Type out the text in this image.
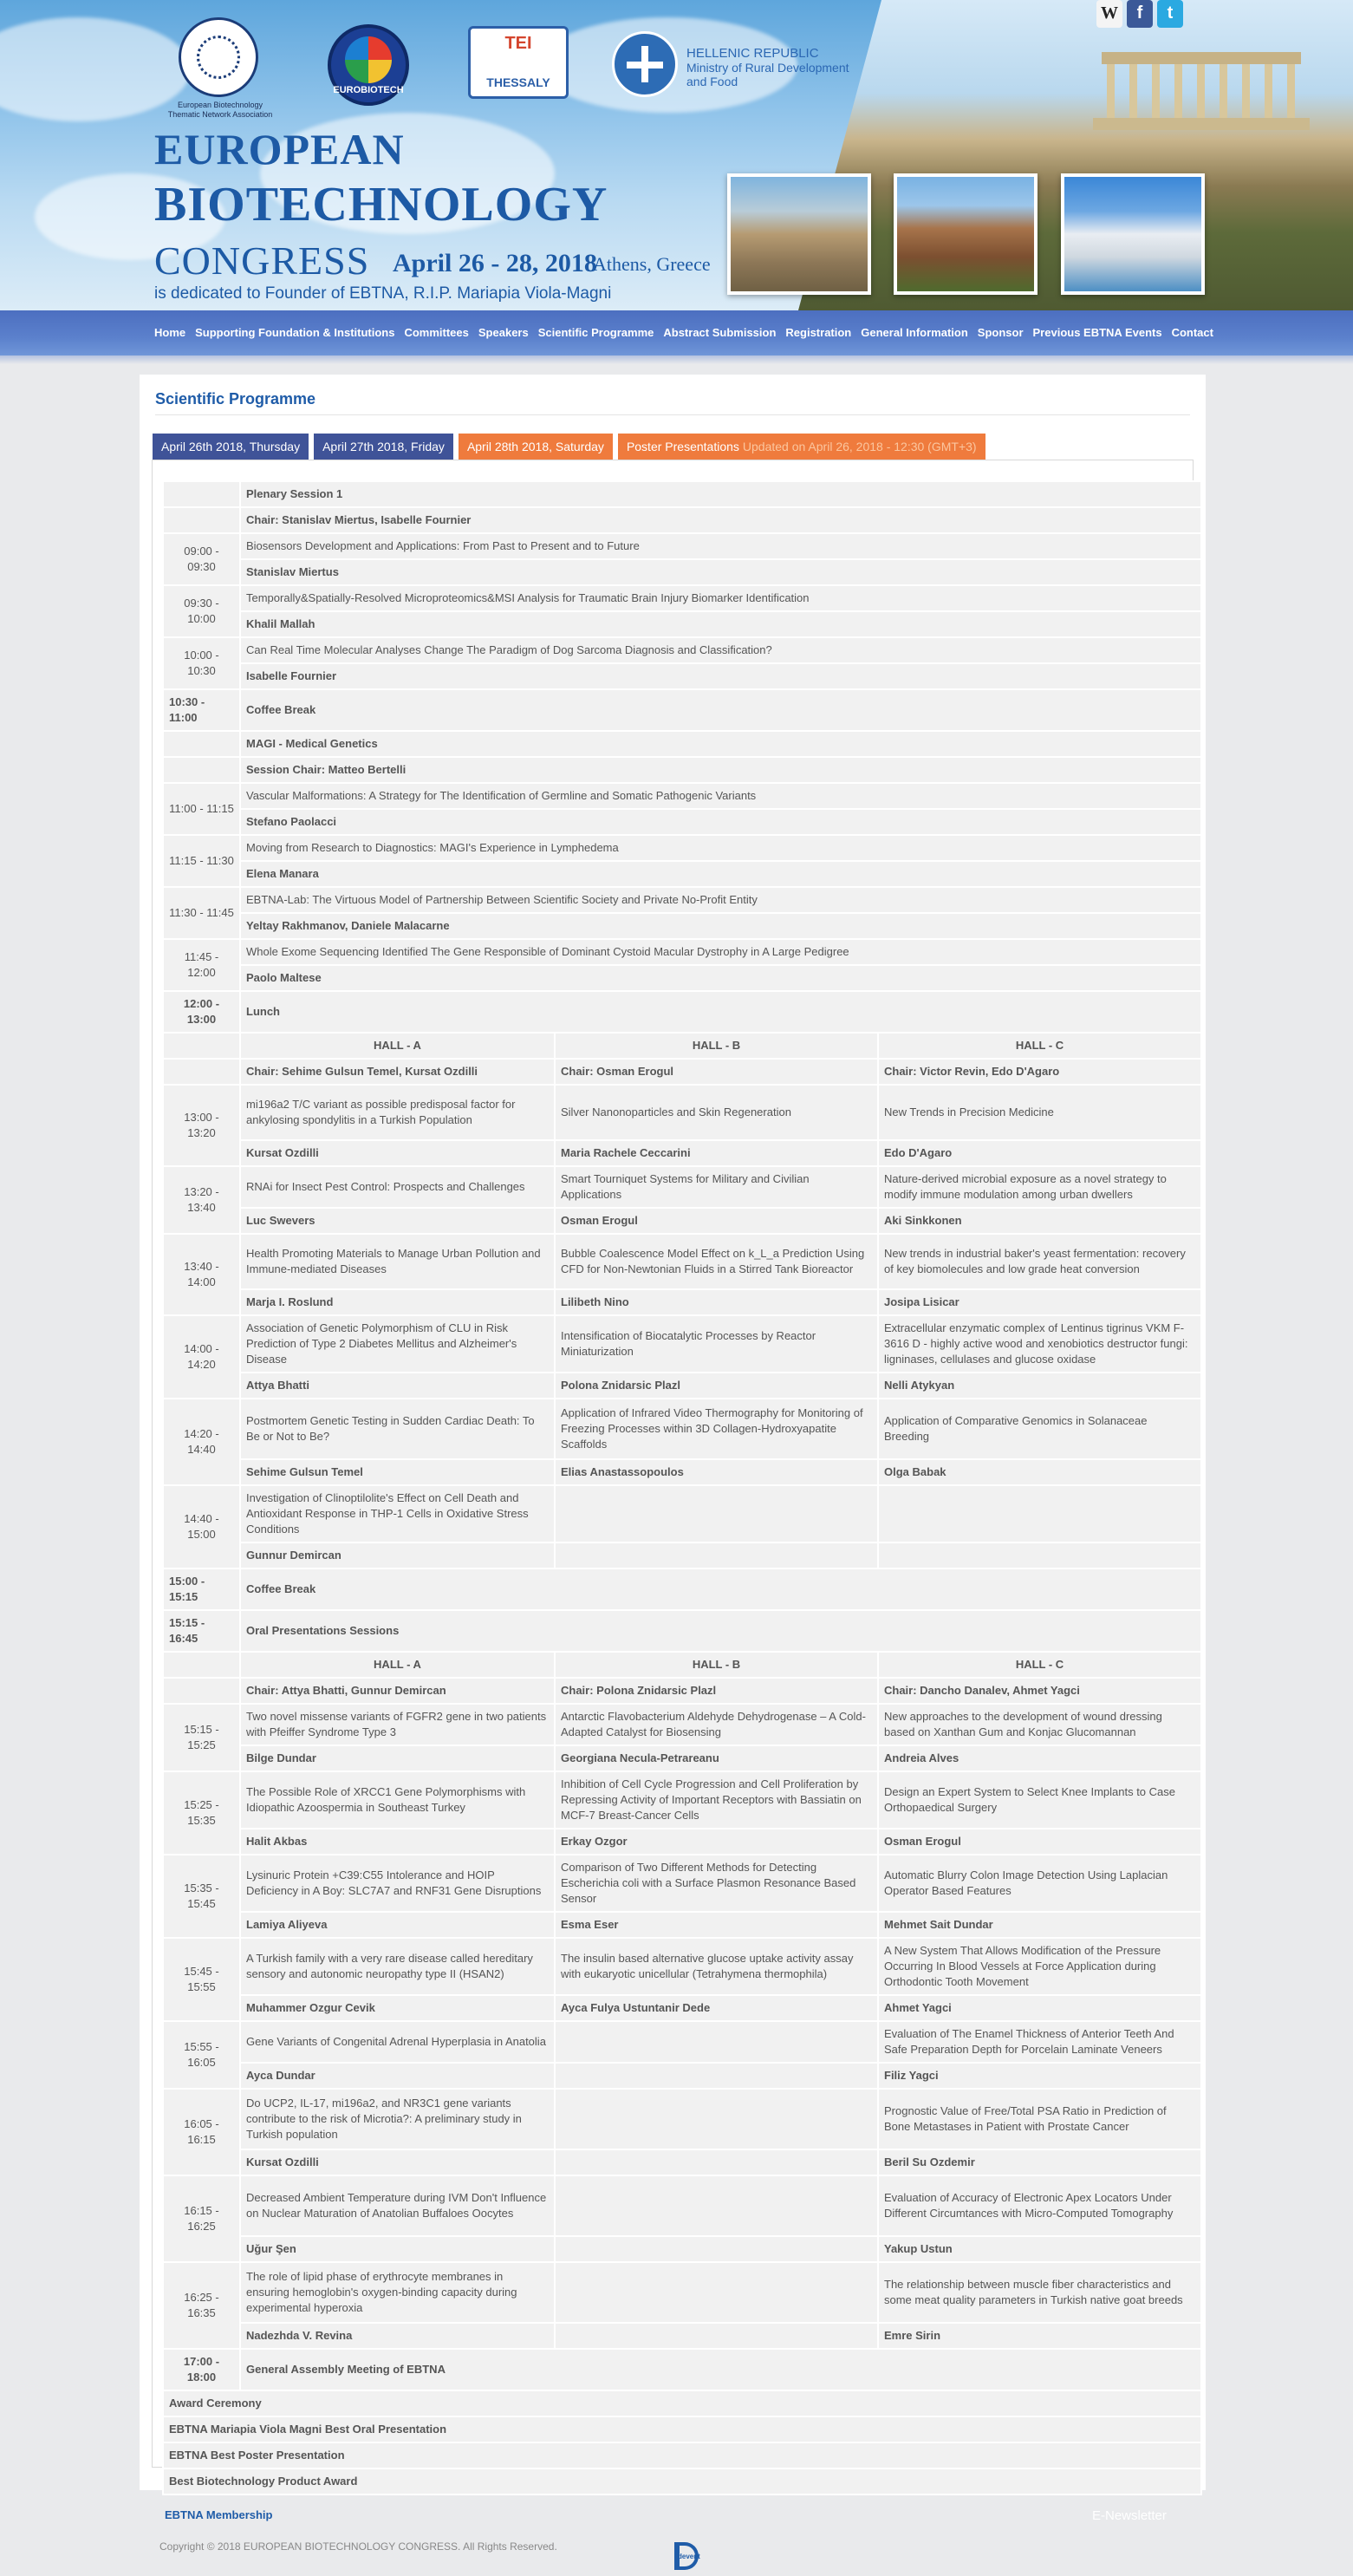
European Biotechnology Thematic Network Association
EUROBIOTECH
TEI
THESSALY
HELLENIC REPUBLIC
Ministry of Rural Development
and Food
W	f	t
EUROPEAN
BIOTECHNOLOGY
CONGRESS April 26 - 28, 2018
Athens, Greece
is dedicated to Founder of EBTNA, R.I.P. Mariapia Viola-Magni
Home Supporting Foundation & Institutions Committees Speakers Scientific Programme Abstract Submission Registration General Information Sponsor Previous EBTNA Events Contact
Scientific Programme
April 26th 2018, Thursday	April 27th 2018, Friday	April 28th 2018, Saturday	Poster Presentations Updated on April 26, 2018 - 12:30 (GMT+3)
	Plenary Session 1		
	Chair: Stanislav Miertus, Isabelle Fournier		
09:00 - 09:30	Biosensors Development and Applications: From Past to Present and to Future		
	Stanislav Miertus		
09:30 - 10:00	Temporally&Spatially-Resolved Microproteomics&MSI Analysis for Traumatic Brain Injury Biomarker Identification		
	Khalil Mallah		
10:00 - 10:30	Can Real Time Molecular Analyses Change The Paradigm of Dog Sarcoma Diagnosis and Classification?		
	Isabelle Fournier		
10:30 - 11:00	Coffee Break		
	MAGI - Medical Genetics		
	Session Chair: Matteo Bertelli		
11:00 - 11:15	Vascular Malformations: A Strategy for The Identification of Germline and Somatic Pathogenic Variants		
	Stefano Paolacci		
11:15 - 11:30	Moving from Research to Diagnostics: MAGI's Experience in Lymphedema		
	Elena Manara		
11:30 - 11:45	EBTNA-Lab: The Virtuous Model of Partnership Between Scientific Society and Private No-Profit Entity		
	Yeltay Rakhmanov, Daniele Malacarne		
11:45 - 12:00	Whole Exome Sequencing Identified The Gene Responsible of Dominant Cystoid Macular Dystrophy in A Large Pedigree		
	Paolo Maltese		
12:00 - 13:00	Lunch		
	HALL - A	HALL - B	HALL - C
	Chair: Sehime Gulsun Temel, Kursat Ozdilli	Chair: Osman Erogul	Chair: Victor Revin, Edo D'Agaro
13:00 - 13:20	mi196a2 T/C variant as possible predisposal factor for ankylosing spondylitis in a Turkish Population	Silver Nanonoparticles and Skin Regeneration	New Trends in Precision Medicine
	Kursat Ozdilli	Maria Rachele Ceccarini	Edo D'Agaro
13:20 - 13:40	RNAi for Insect Pest Control: Prospects and Challenges	Smart Tourniquet Systems for Military and Civilian Applications	Nature-derived microbial exposure as a novel strategy to modify immune modulation among urban dwellers
	Luc Swevers	Osman Erogul	Aki Sinkkonen
13:40 - 14:00	Health Promoting Materials to Manage Urban Pollution and Immune-mediated Diseases	Bubble Coalescence Model Effect on k_L_a Prediction Using CFD for Non-Newtonian Fluids in a Stirred Tank Bioreactor	New trends in industrial baker's yeast fermentation: recovery of key biomolecules and low grade heat conversion
	Marja I. Roslund	Lilibeth Nino	Josipa Lisicar
14:00 - 14:20	Association of Genetic Polymorphism of CLU in Risk Prediction of Type 2 Diabetes Mellitus and Alzheimer's Disease	Intensification of Biocatalytic Processes by Reactor Miniaturization	Extracellular enzymatic complex of Lentinus tigrinus VKM F-3616 D - highly active wood and xenobiotics destructor fungi: ligninases, cellulases and glucose oxidase
	Attya Bhatti	Polona Znidarsic Plazl	Nelli Atykyan
14:20 - 14:40	Postmortem Genetic Testing in Sudden Cardiac Death: To Be or Not to Be?	Application of Infrared Video Thermography for Monitoring of Freezing Processes within 3D Collagen-Hydroxyapatite Scaffolds	Application of Comparative Genomics in Solanaceae Breeding
	Sehime Gulsun Temel	Elias Anastassopoulos	Olga Babak
14:40 - 15:00	Investigation of Clinoptilolite's Effect on Cell Death and Antioxidant Response in THP-1 Cells in Oxidative Stress Conditions		
	Gunnur Demircan		
15:00 - 15:15	Coffee Break		
15:15 - 16:45	Oral Presentations Sessions		
	HALL - A	HALL - B	HALL - C
	Chair: Attya Bhatti, Gunnur Demircan	Chair: Polona Znidarsic Plazl	Chair: Dancho Danalev, Ahmet Yagci
15:15 - 15:25	Two novel missense variants of FGFR2 gene in two patients with Pfeiffer Syndrome Type 3	Antarctic Flavobacterium Aldehyde Dehydrogenase – A Cold-Adapted Catalyst for Biosensing	New approaches to the development of wound dressing based on Xanthan Gum and Konjac Glucomannan
	Bilge Dundar	Georgiana Necula-Petrareanu	Andreia Alves
15:25 - 15:35	The Possible Role of XRCC1 Gene Polymorphisms with Idiopathic Azoospermia in Southeast Turkey	Inhibition of Cell Cycle Progression and Cell Proliferation by Repressing Activity of Important Receptors with Bassiatin on MCF-7 Breast-Cancer Cells	Design an Expert System to Select Knee Implants to Case Orthopaedical Surgery
	Halit Akbas	Erkay Ozgor	Osman Erogul
15:35 - 15:45	Lysinuric Protein +C39:C55 Intolerance and HOIP Deficiency in A Boy: SLC7A7 and RNF31 Gene Disruptions	Comparison of Two Different Methods for Detecting Escherichia coli with a Surface Plasmon Resonance Based Sensor	Automatic Blurry Colon Image Detection Using Laplacian Operator Based Features
	Lamiya Aliyeva	Esma Eser	Mehmet Sait Dundar
15:45 - 15:55	A Turkish family with a very rare disease called hereditary sensory and autonomic neuropathy type II (HSAN2)	The insulin based alternative glucose uptake activity assay with eukaryotic unicellular (Tetrahymena thermophila)	A New System That Allows Modification of the Pressure Occurring In Blood Vessels at Force Application during Orthodontic Tooth Movement
	Muhammer Ozgur Cevik	Ayca Fulya Ustuntanir Dede	Ahmet Yagci
15:55 - 16:05	Gene Variants of Congenital Adrenal Hyperplasia in Anatolia		Evaluation of The Enamel Thickness of Anterior Teeth And Safe Preparation Depth for Porcelain Laminate Veneers
	Ayca Dundar		Filiz Yagci
16:05 - 16:15	Do UCP2, IL-17, mi196a2, and NR3C1 gene variants contribute to the risk of Microtia?: A preliminary study in Turkish population		Prognostic Value of Free/Total PSA Ratio in Prediction of Bone Metastases in Patient with Prostate Cancer
	Kursat Ozdilli		Beril Su Ozdemir
16:15 - 16:25	Decreased Ambient Temperature during IVM Don't Influence on Nuclear Maturation of Anatolian Buffaloes Oocytes		Evaluation of Accuracy of Electronic Apex Locators Under Different Circumtances with Micro-Computed Tomography
	Uğur Şen		Yakup Ustun
16:25 - 16:35	The role of lipid phase of erythrocyte membranes in ensuring hemoglobin's oxygen-binding capacity during experimental hyperoxia		The relationship between muscle fiber characteristics and some meat quality parameters in Turkish native goat breeds
	Nadezhda V. Revina		Emre Sirin
17:00 - 18:00	General Assembly Meeting of EBTNA		
Award Ceremony			
EBTNA Mariapia Viola Magni Best Oral Presentation			
EBTNA Best Poster Presentation			
Best Biotechnology Product Award			
EBTNA Membership	E-Newsletter
Copyright © 2018 EUROPEAN BIOTECHNOLOGY CONGRESS. All Rights Reserved.
devent
